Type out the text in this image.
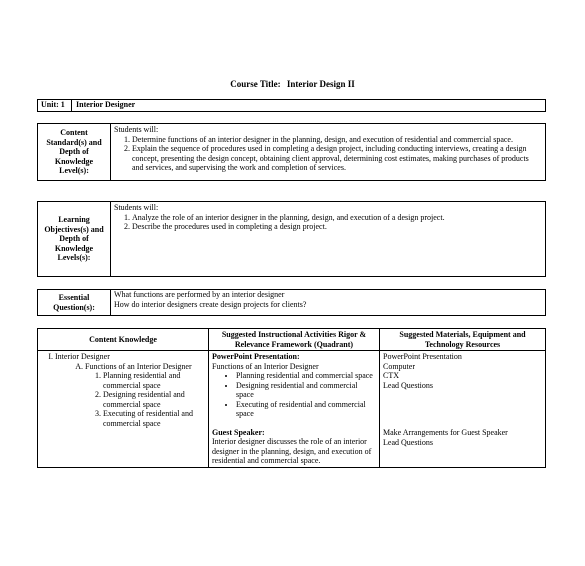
Course Title: Interior Design II
Unit: 1	Interior Designer
Content Standard(s) and Depth of Knowledge Level(s):
Students will:
1. Determine functions of an interior designer in the planning, design, and execution of residential and commercial space.
2. Explain the sequence of procedures used in completing a design project, including conducting interviews, creating a design concept, presenting the design concept, obtaining client approval, determining cost estimates, making purchases of products and services, and supervising the work and completion of services.
Learning Objectives(s) and Depth of Knowledge Levels(s):
Students will:
1. Analyze the role of an interior designer in the planning, design, and execution of a design project.
2. Describe the procedures used in completing a design project.
Essential Question(s):
What functions are performed by an interior designer
How do interior designers create design projects for clients?
Content Knowledge
I. Interior Designer
A. Functions of an Interior Designer
1. Planning residential and commercial space
2. Designing residential and commercial space
3. Executing of residential and commercial space
Suggested Instructional Activities Rigor & Relevance Framework (Quadrant)
PowerPoint Presentation:
Functions of an Interior Designer
• Planning residential and commercial space
• Designing residential and commercial space
• Executing of residential and commercial space
Guest Speaker:
Interior designer discusses the role of an interior designer in the planning, design, and execution of residential and commercial space.
Suggested Materials, Equipment and Technology Resources
PowerPoint Presentation
Computer
CTX
Lead Questions
Make Arrangements for Guest Speaker
Lead Questions
